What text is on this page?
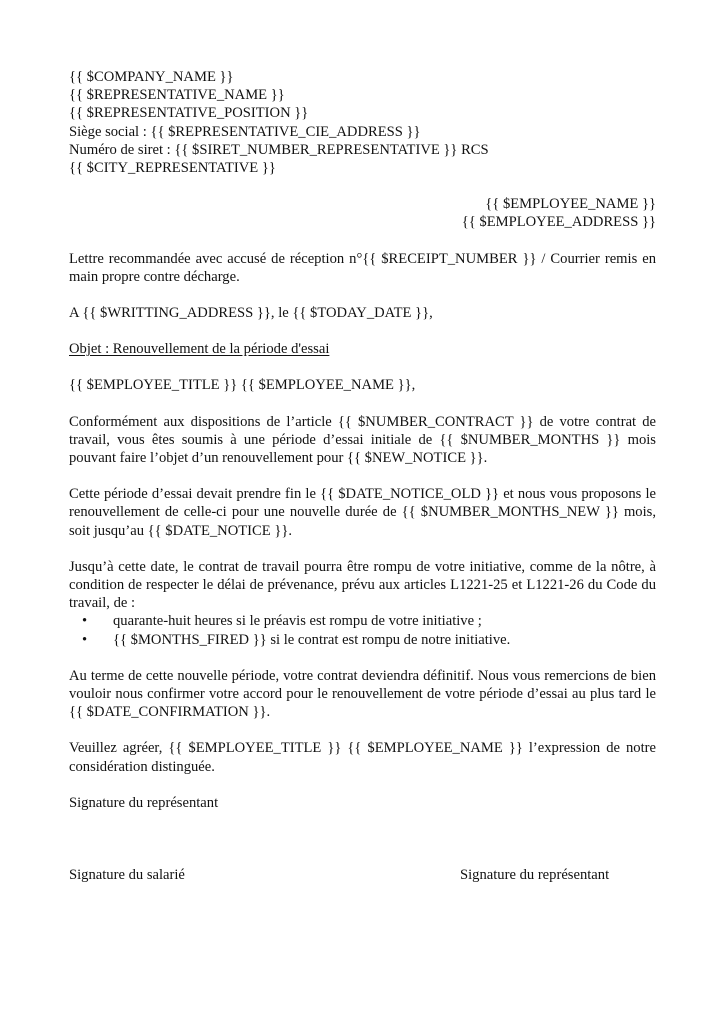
{{ $COMPANY_NAME }}
{{ $REPRESENTATIVE_NAME }}
{{ $REPRESENTATIVE_POSITION }}
Siège social : {{ $REPRESENTATIVE_CIE_ADDRESS }}
Numéro de siret : {{ $SIRET_NUMBER_REPRESENTATIVE }} RCS
{{ $CITY_REPRESENTATIVE }}
{{ $EMPLOYEE_NAME }}
{{ $EMPLOYEE_ADDRESS }}
Lettre recommandée avec accusé de réception n°{{ $RECEIPT_NUMBER }} / Courrier remis en main propre contre décharge.
A {{ $WRITTING_ADDRESS }}, le {{ $TODAY_DATE }},
Objet : Renouvellement de la période d'essai
{{ $EMPLOYEE_TITLE }} {{ $EMPLOYEE_NAME }},
Conformément aux dispositions de l’article {{ $NUMBER_CONTRACT }} de votre contrat de travail, vous êtes soumis à une période d’essai initiale de {{ $NUMBER_MONTHS }} mois pouvant faire l’objet d’un renouvellement pour {{ $NEW_NOTICE }}.
Cette période d’essai devait prendre fin le {{ $DATE_NOTICE_OLD }} et nous vous proposons le renouvellement de celle-ci pour une nouvelle durée de {{ $NUMBER_MONTHS_NEW }} mois, soit jusqu’au {{ $DATE_NOTICE }}.
Jusqu’à cette date, le contrat de travail pourra être rompu de votre initiative, comme de la nôtre, à condition de respecter le délai de prévenance, prévu aux articles L1221-25 et L1221-26 du Code du travail, de :
• quarante-huit heures si le préavis est rompu de votre initiative ;
• {{ $MONTHS_FIRED }} si le contrat est rompu de notre initiative.
Au terme de cette nouvelle période, votre contrat deviendra définitif. Nous vous remercions de bien vouloir nous confirmer votre accord pour le renouvellement de votre période d’essai au plus tard le {{ $DATE_CONFIRMATION }}.
Veuillez agréer, {{ $EMPLOYEE_TITLE }} {{ $EMPLOYEE_NAME }} l’expression de notre considération distinguée.
Signature du représentant
Signature du salarié	Signature du représentant
